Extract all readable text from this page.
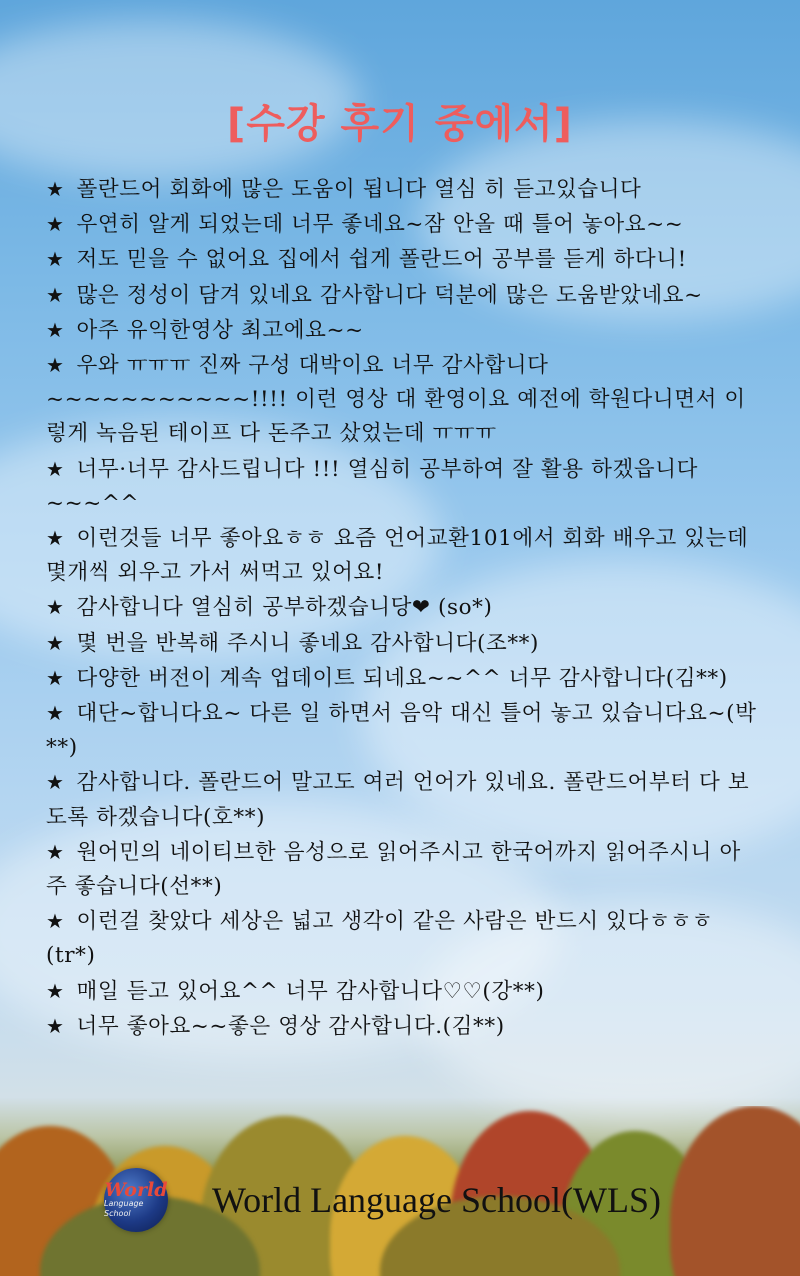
[수강 후기 중에서]

★ 폴란드어 회화에 많은 도움이 됩니다 열심 히 듣고있습니다

★ 우연히 알게 되었는데 너무 좋네요~잠 안올 때 틀어 놓아요~~

★ 저도 믿을 수 없어요 집에서 쉽게 폴란드어 공부를 듣게 하다니!

★ 많은 정성이 담겨 있네요 감사합니다 덕분에 많은 도움받았네요~

★ 아주 유익한영상 최고에요~~

★ 우와 ㅠㅠㅠ 진짜 구성 대박이요 너무 감사합니다 ~~~~~~~~~~~!!!! 이런 영상 대 환영이요 예전에 학원다니면서 이렇게 녹음된 테이프 다 돈주고 샀었는데 ㅠㅠㅠ

★ 너무·너무 감사드립니다 !!! 열심히 공부하여 잘 활용 하겠읍니다~~~^^

★ 이런것들 너무 좋아요ㅎㅎ 요즘 언어교환101에서 회화 배우고 있는데 몇개씩 외우고 가서 써먹고 있어요!

★ 감사합니다 열심히 공부하겠습니당❤ (so*)

★ 몇 번을 반복해 주시니 좋네요 감사합니다(조**)

★ 다양한 버전이 계속 업데이트 되네요~~^^ 너무 감사합니다(김**)

★ 대단~합니다요~ 다른 일 하면서 음악 대신 틀어 놓고 있습니다요~(박**)

★ 감사합니다. 폴란드어 말고도 여러 언어가 있네요. 폴란드어부터 다 보도록 하겠습니다(호**)

★ 원어민의 네이티브한 음성으로 읽어주시고 한국어까지 읽어주시니 아주 좋습니다(선**)

★ 이런걸 찾았다 세상은 넓고 생각이 같은 사람은 반드시 있다ㅎㅎㅎ(tr*)

★ 매일 듣고 있어요^^ 너무 감사합니다♡♡(강**)

★ 너무 좋아요~~좋은 영상 감사합니다.(김**)

World
Language School	World Language School(WLS)
